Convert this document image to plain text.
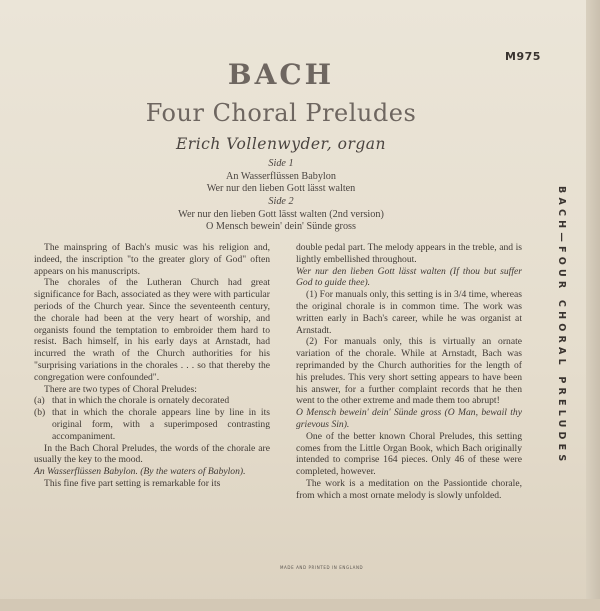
M975
BACH—FOUR CHORAL PRELUDES
BACH
Four Choral Preludes
Erich Vollenwyder, organ
Side 1
An Wasserflüssen Babylon
Wer nur den lieben Gott lässt walten
Side 2
Wer nur den lieben Gott lässt walten (2nd version)
O Mensch bewein' dein' Sünde gross

The mainspring of Bach's music was his religion and, indeed, the inscription "to the greater glory of God" often appears on his manuscripts.

The chorales of the Lutheran Church had great significance for Bach, associated as they were with particular periods of the Church year. Since the seventeenth century, the chorale had been at the very heart of worship, and organists found the temptation to embroider them hard to resist. Bach himself, in his early days at Arnstadt, had incurred the wrath of the Church authorities for his "surprising variations in the chorales . . . so that thereby the congregation were confounded".

There are two types of Choral Preludes:

(a) that in which the chorale is ornately decorated
(b) that in which the chorale appears line by line in its original form, with a superimposed contrasting accompaniment.

In the Bach Choral Preludes, the words of the chorale are usually the key to the mood.

An Wasserflüssen Babylon. (By the waters of Babylon).

This fine five part setting is remarkable for its

double pedal part. The melody appears in the treble, and is lightly embellished throughout.

Wer nur den lieben Gott lässt walten (If thou but suffer God to guide thee).

(1) For manuals only, this setting is in 3/4 time, whereas the original chorale is in common time. The work was written early in Bach's career, while he was organist at Arnstadt.

(2) For manuals only, this is virtually an ornate variation of the chorale. While at Arnstadt, Bach was reprimanded by the Church authorities for the length of his preludes. This very short setting appears to have been his answer, for a further complaint records that he then went to the other extreme and made them too abrupt!

O Mensch bewein' dein' Sünde gross (O Man, bewail thy grievous Sin).

One of the better known Choral Preludes, this setting comes from the Little Organ Book, which Bach originally intended to comprise 164 pieces. Only 46 of these were completed, however.

The work is a meditation on the Passiontide chorale, from which a most ornate melody is slowly unfolded.

MADE AND PRINTED IN ENGLAND
